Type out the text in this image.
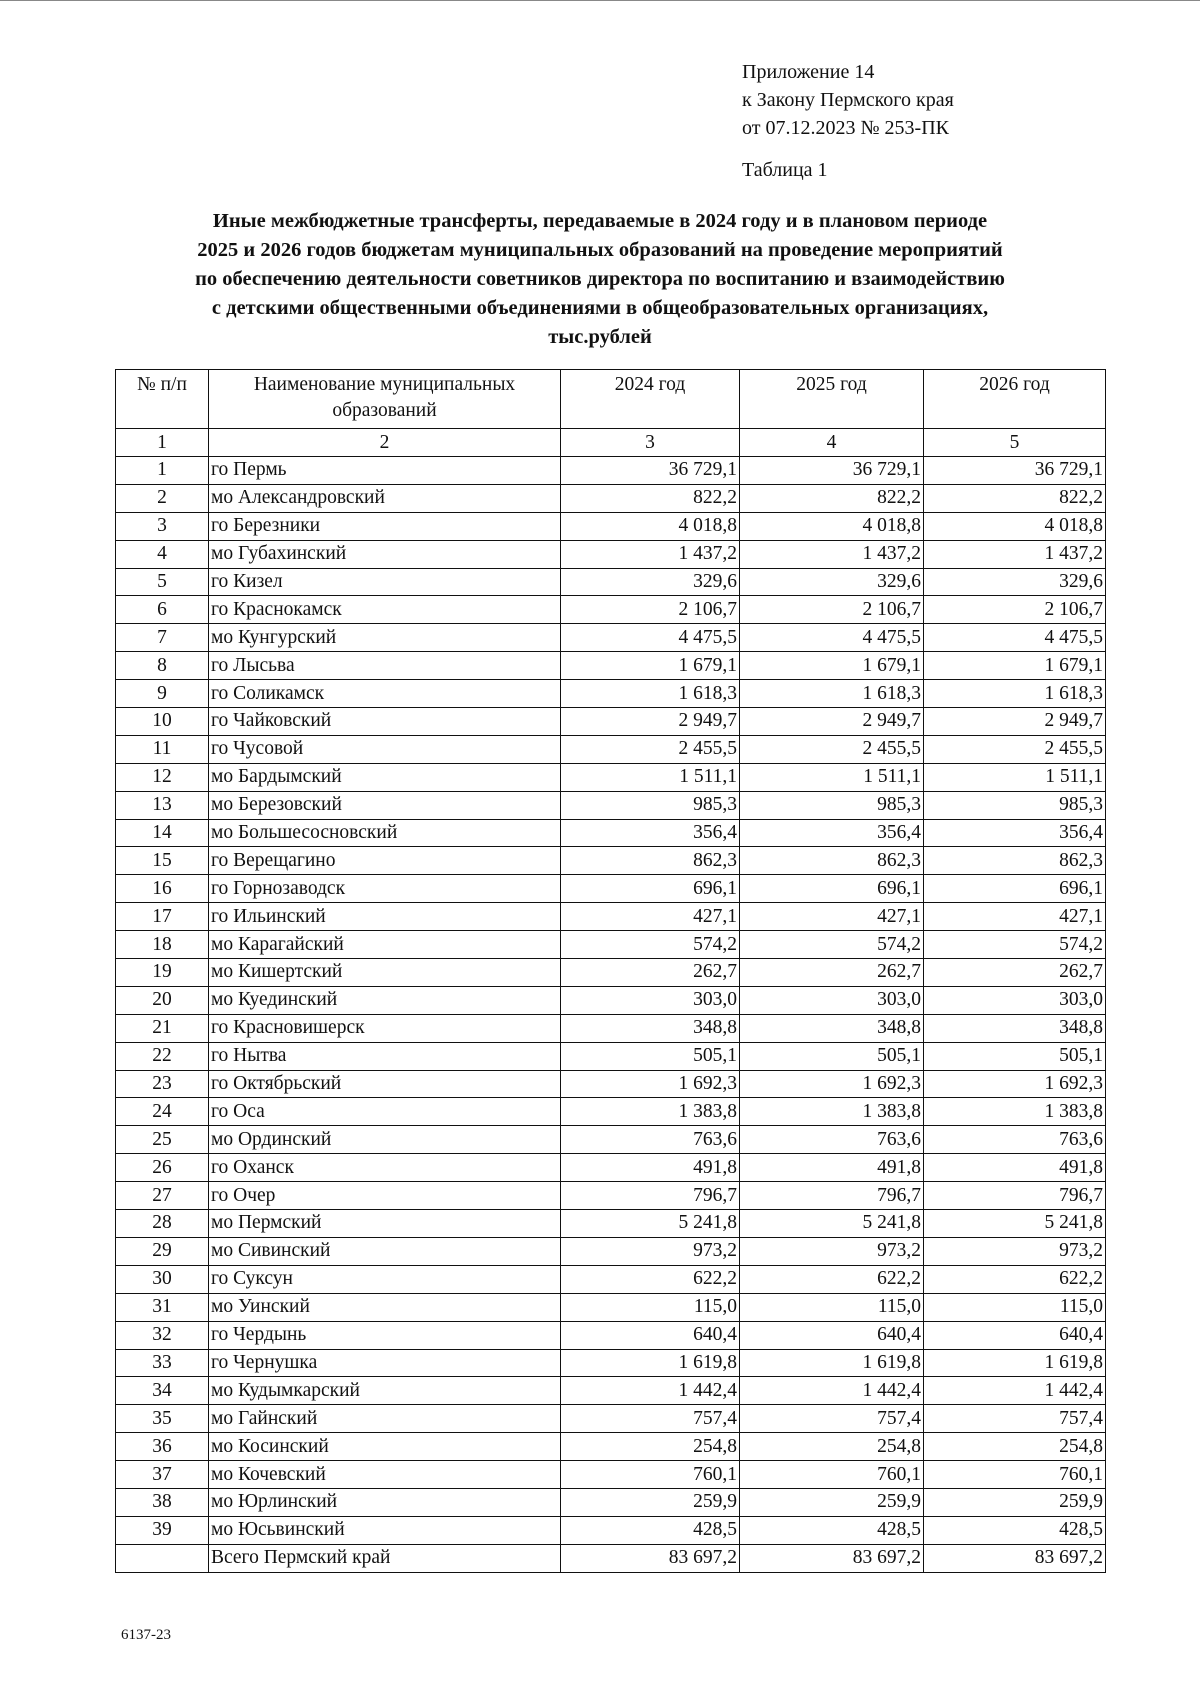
Приложение 14
к Закону Пермского края
от 07.12.2023 № 253-ПК
Таблица 1
Иные межбюджетные трансферты, передаваемые в 2024 году и в плановом периоде
2025 и 2026 годов бюджетам муниципальных образований на проведение мероприятий
по обеспечению деятельности советников директора по воспитанию и взаимодействию
с детскими общественными объединениями в общеобразовательных организациях,
тыс.рублей
№ п/п	Наименование муниципальных образований	2024 год	2025 год	2026 год
1	2	3	4	5
1	го Пермь	36 729,1	36 729,1	36 729,1
2	мо Александровский	822,2	822,2	822,2
3	го Березники	4 018,8	4 018,8	4 018,8
4	мо Губахинский	1 437,2	1 437,2	1 437,2
5	го Кизел	329,6	329,6	329,6
6	го Краснокамск	2 106,7	2 106,7	2 106,7
7	мо Кунгурский	4 475,5	4 475,5	4 475,5
8	го Лысьва	1 679,1	1 679,1	1 679,1
9	го Соликамск	1 618,3	1 618,3	1 618,3
10	го Чайковский	2 949,7	2 949,7	2 949,7
11	го Чусовой	2 455,5	2 455,5	2 455,5
12	мо Бардымский	1 511,1	1 511,1	1 511,1
13	мо Березовский	985,3	985,3	985,3
14	мо Большесосновский	356,4	356,4	356,4
15	го Верещагино	862,3	862,3	862,3
16	го Горнозаводск	696,1	696,1	696,1
17	го Ильинский	427,1	427,1	427,1
18	мо Карагайский	574,2	574,2	574,2
19	мо Кишертский	262,7	262,7	262,7
20	мо Куединский	303,0	303,0	303,0
21	го Красновишерск	348,8	348,8	348,8
22	го Нытва	505,1	505,1	505,1
23	го Октябрьский	1 692,3	1 692,3	1 692,3
24	го Оса	1 383,8	1 383,8	1 383,8
25	мо Ординский	763,6	763,6	763,6
26	го Оханск	491,8	491,8	491,8
27	го Очер	796,7	796,7	796,7
28	мо Пермский	5 241,8	5 241,8	5 241,8
29	мо Сивинский	973,2	973,2	973,2
30	го Суксун	622,2	622,2	622,2
31	мо Уинский	115,0	115,0	115,0
32	го Чердынь	640,4	640,4	640,4
33	го Чернушка	1 619,8	1 619,8	1 619,8
34	мо Кудымкарский	1 442,4	1 442,4	1 442,4
35	мо Гайнский	757,4	757,4	757,4
36	мо Косинский	254,8	254,8	254,8
37	мо Кочевский	760,1	760,1	760,1
38	мо Юрлинский	259,9	259,9	259,9
39	мо Юсьвинский	428,5	428,5	428,5
	Всего Пермский край	83 697,2	83 697,2	83 697,2
6137-23
